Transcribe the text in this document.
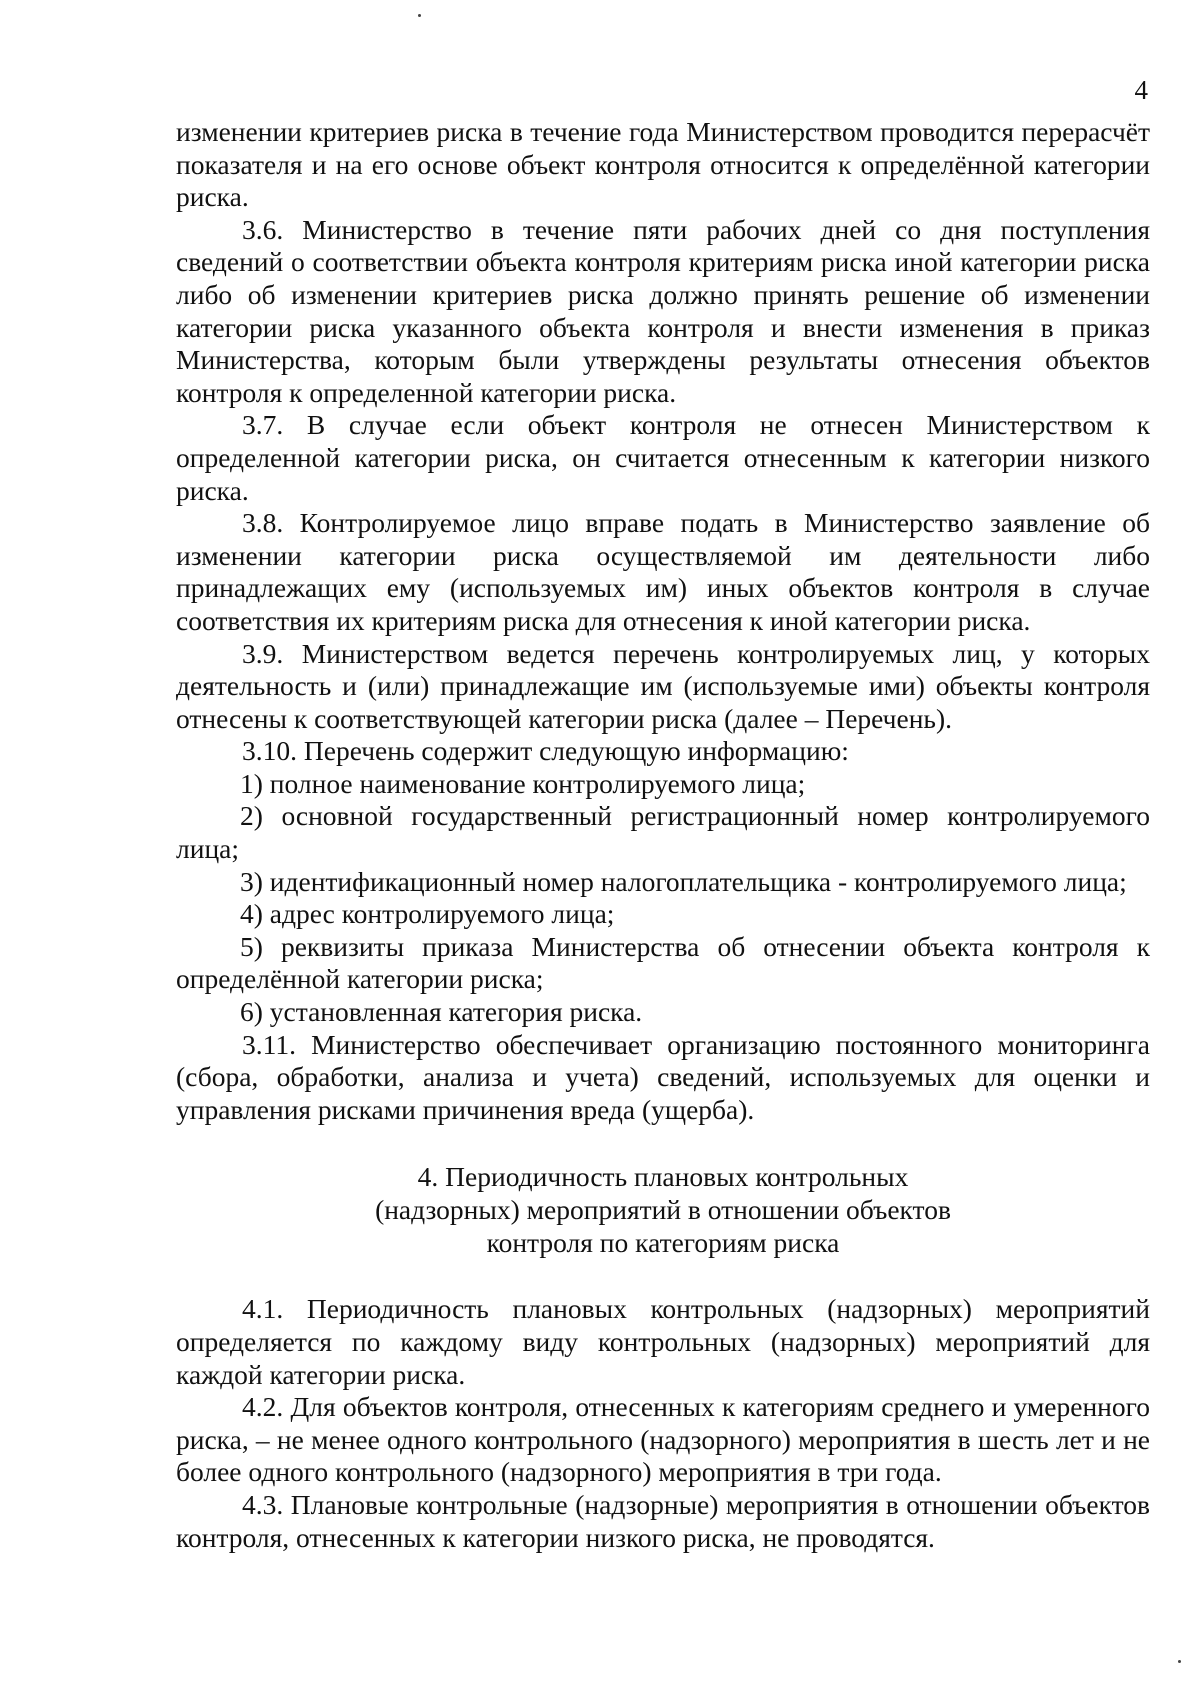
4

изменении критериев риска в течение года Министерством проводится перерасчёт показателя и на его основе объект контроля относится к определённой категории риска.

3.6. Министерство в течение пяти рабочих дней со дня поступления сведений о соответствии объекта контроля критериям риска иной категории риска либо об изменении критериев риска должно принять решение об изменении категории риска указанного объекта контроля и внести изменения в приказ Министерства, которым были утверждены результаты отнесения объектов контроля к определенной категории риска.

3.7. В случае если объект контроля не отнесен Министерством к определенной категории риска, он считается отнесенным к категории низкого риска.

3.8. Контролируемое лицо вправе подать в Министерство заявление об изменении категории риска осуществляемой им деятельности либо принадлежащих ему (используемых им) иных объектов контроля в случае соответствия их критериям риска для отнесения к иной категории риска.

3.9. Министерством ведется перечень контролируемых лиц, у которых деятельность и (или) принадлежащие им (используемые ими) объекты контроля отнесены к соответствующей категории риска (далее – Перечень).

3.10. Перечень содержит следующую информацию:

1) полное наименование контролируемого лица;

2) основной государственный регистрационный номер контролируемого лица;

3) идентификационный номер налогоплательщика - контролируемого лица;

4) адрес контролируемого лица;

5) реквизиты приказа Министерства об отнесении объекта контроля к определённой категории риска;

6) установленная категория риска.

3.11. Министерство обеспечивает организацию постоянного мониторинга (сбора, обработки, анализа и учета) сведений, используемых для оценки и управления рисками причинения вреда (ущерба).

4. Периодичность плановых контрольных
(надзорных) мероприятий в отношении объектов
контроля по категориям риска

4.1. Периодичность плановых контрольных (надзорных) мероприятий определяется по каждому виду контрольных (надзорных) мероприятий для каждой категории риска.

4.2. Для объектов контроля, отнесенных к категориям среднего и умеренного риска, – не менее одного контрольного (надзорного) мероприятия в шесть лет и не более одного контрольного (надзорного) мероприятия в три года.

4.3. Плановые контрольные (надзорные) мероприятия в отношении объектов контроля, отнесенных к категории низкого риска, не проводятся.
